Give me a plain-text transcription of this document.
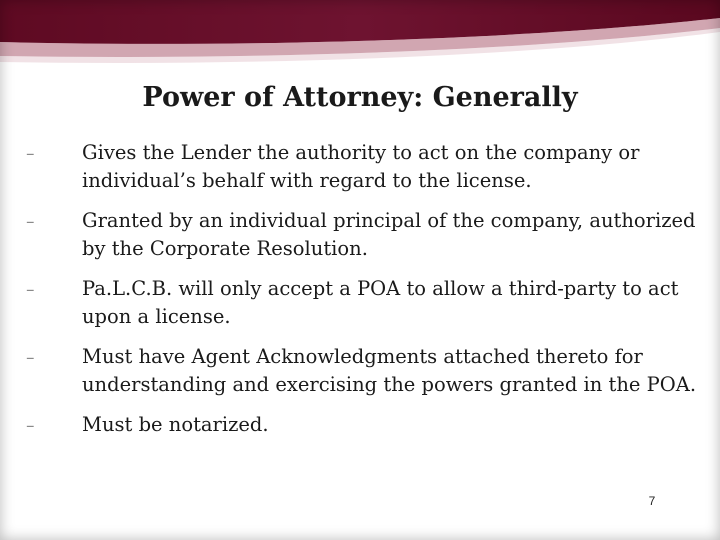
Power of Attorney: Generally
– Gives the Lender the authority to act on the company or individual’s behalf with regard to the license.
– Granted by an individual principal of the company, authorized by the Corporate Resolution.
– Pa.L.C.B. will only accept a POA to allow a third-party to act upon a license.
– Must have Agent Acknowledgments attached thereto for understanding and exercising the powers granted in the POA.
– Must be notarized.
7
